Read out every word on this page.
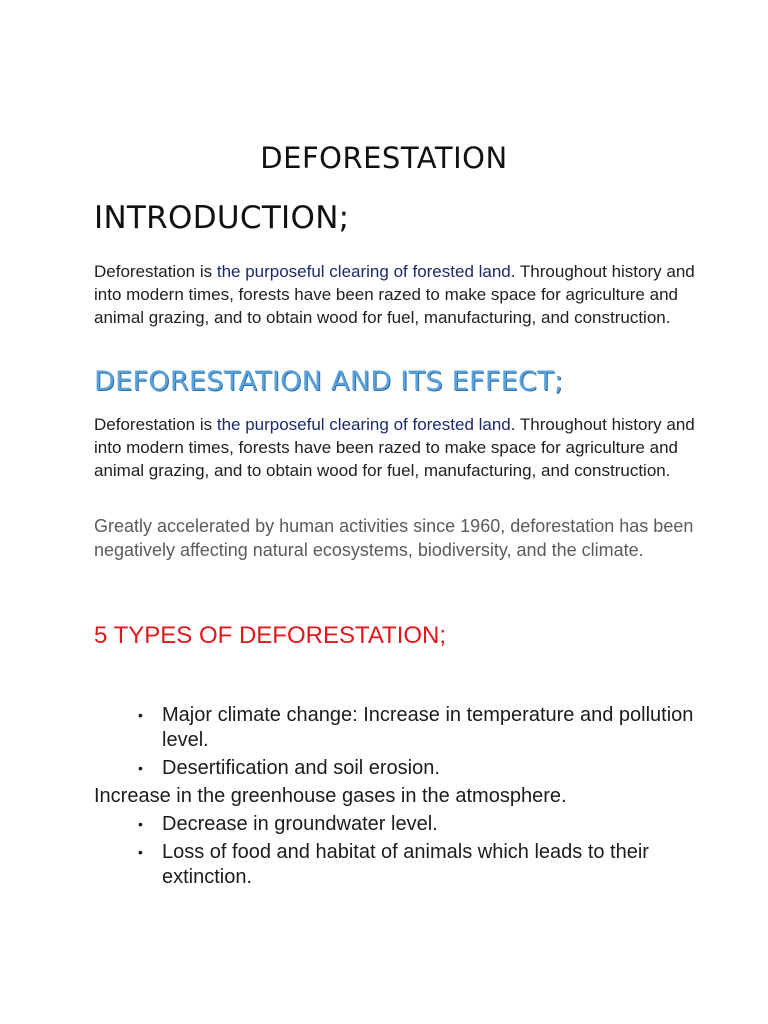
DEFORESTATION
INTRODUCTION;

Deforestation is the purposeful clearing of forested land. Throughout history and into modern times, forests have been razed to make space for agriculture and animal grazing, and to obtain wood for fuel, manufacturing, and construction.

DEFORESTATION AND ITS EFFECT;

Deforestation is the purposeful clearing of forested land. Throughout history and into modern times, forests have been razed to make space for agriculture and animal grazing, and to obtain wood for fuel, manufacturing, and construction.

Greatly accelerated by human activities since 1960, deforestation has been negatively affecting natural ecosystems, biodiversity, and the climate.

5 TYPES OF DEFORESTATION;
• Major climate change: Increase in temperature and pollution level.
• Desertification and soil erosion.
Increase in the greenhouse gases in the atmosphere.
• Decrease in groundwater level.
• Loss of food and habitat of animals which leads to their extinction.
